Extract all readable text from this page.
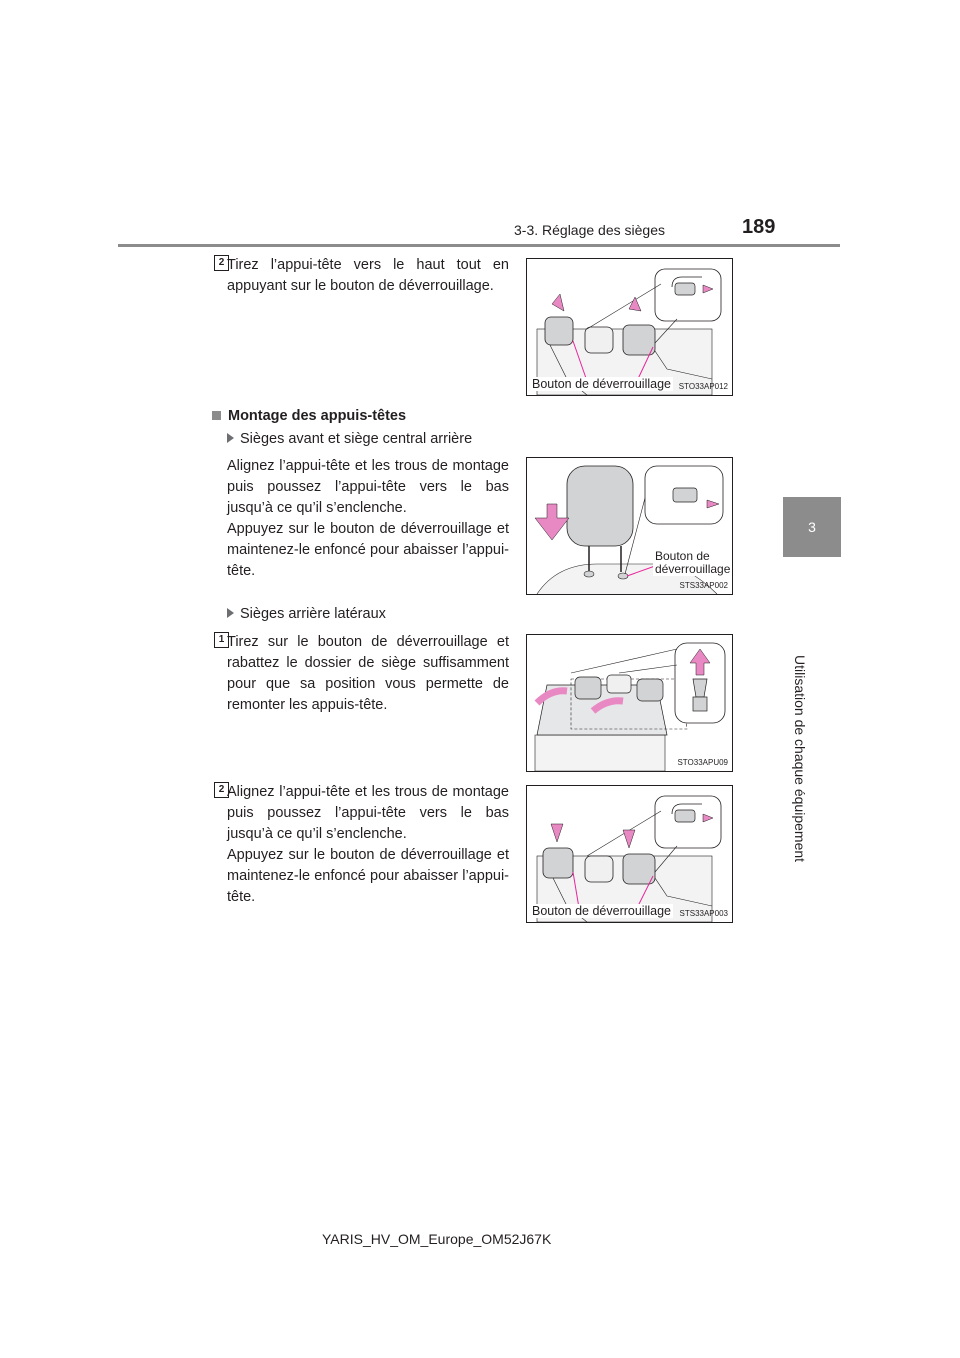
3-3. Réglage des sièges	189
3
Utilisation de chaque équipement
2 Tirez l’appui-tête vers le haut tout en appuyant sur le bouton de déverrouillage.
Bouton de déverrouillage STO33AP012
Montage des appuis-têtes
Sièges avant et siège central arrière
Alignez l’appui-tête et les trous de montage puis poussez l’appui-tête vers le bas jusqu’à ce qu’il s’enclenche.
Appuyez sur le bouton de déverrouillage et maintenez-le enfoncé pour abaisser l’appui-tête.
Bouton de
déverrouillage
STS33AP002
Sièges arrière latéraux
1 Tirez sur le bouton de déverrouillage et rabattez le dossier de siège suffisamment pour que sa position vous permette de remonter les appuis-tête.
STO33APU09
2 Alignez l’appui-tête et les trous de montage puis poussez l’appui-tête vers le bas jusqu’à ce qu’il s’enclenche.
Appuyez sur le bouton de déverrouillage et maintenez-le enfoncé pour abaisser l’appui-tête.
Bouton de déverrouillage STS33AP003
YARIS_HV_OM_Europe_OM52J67K
